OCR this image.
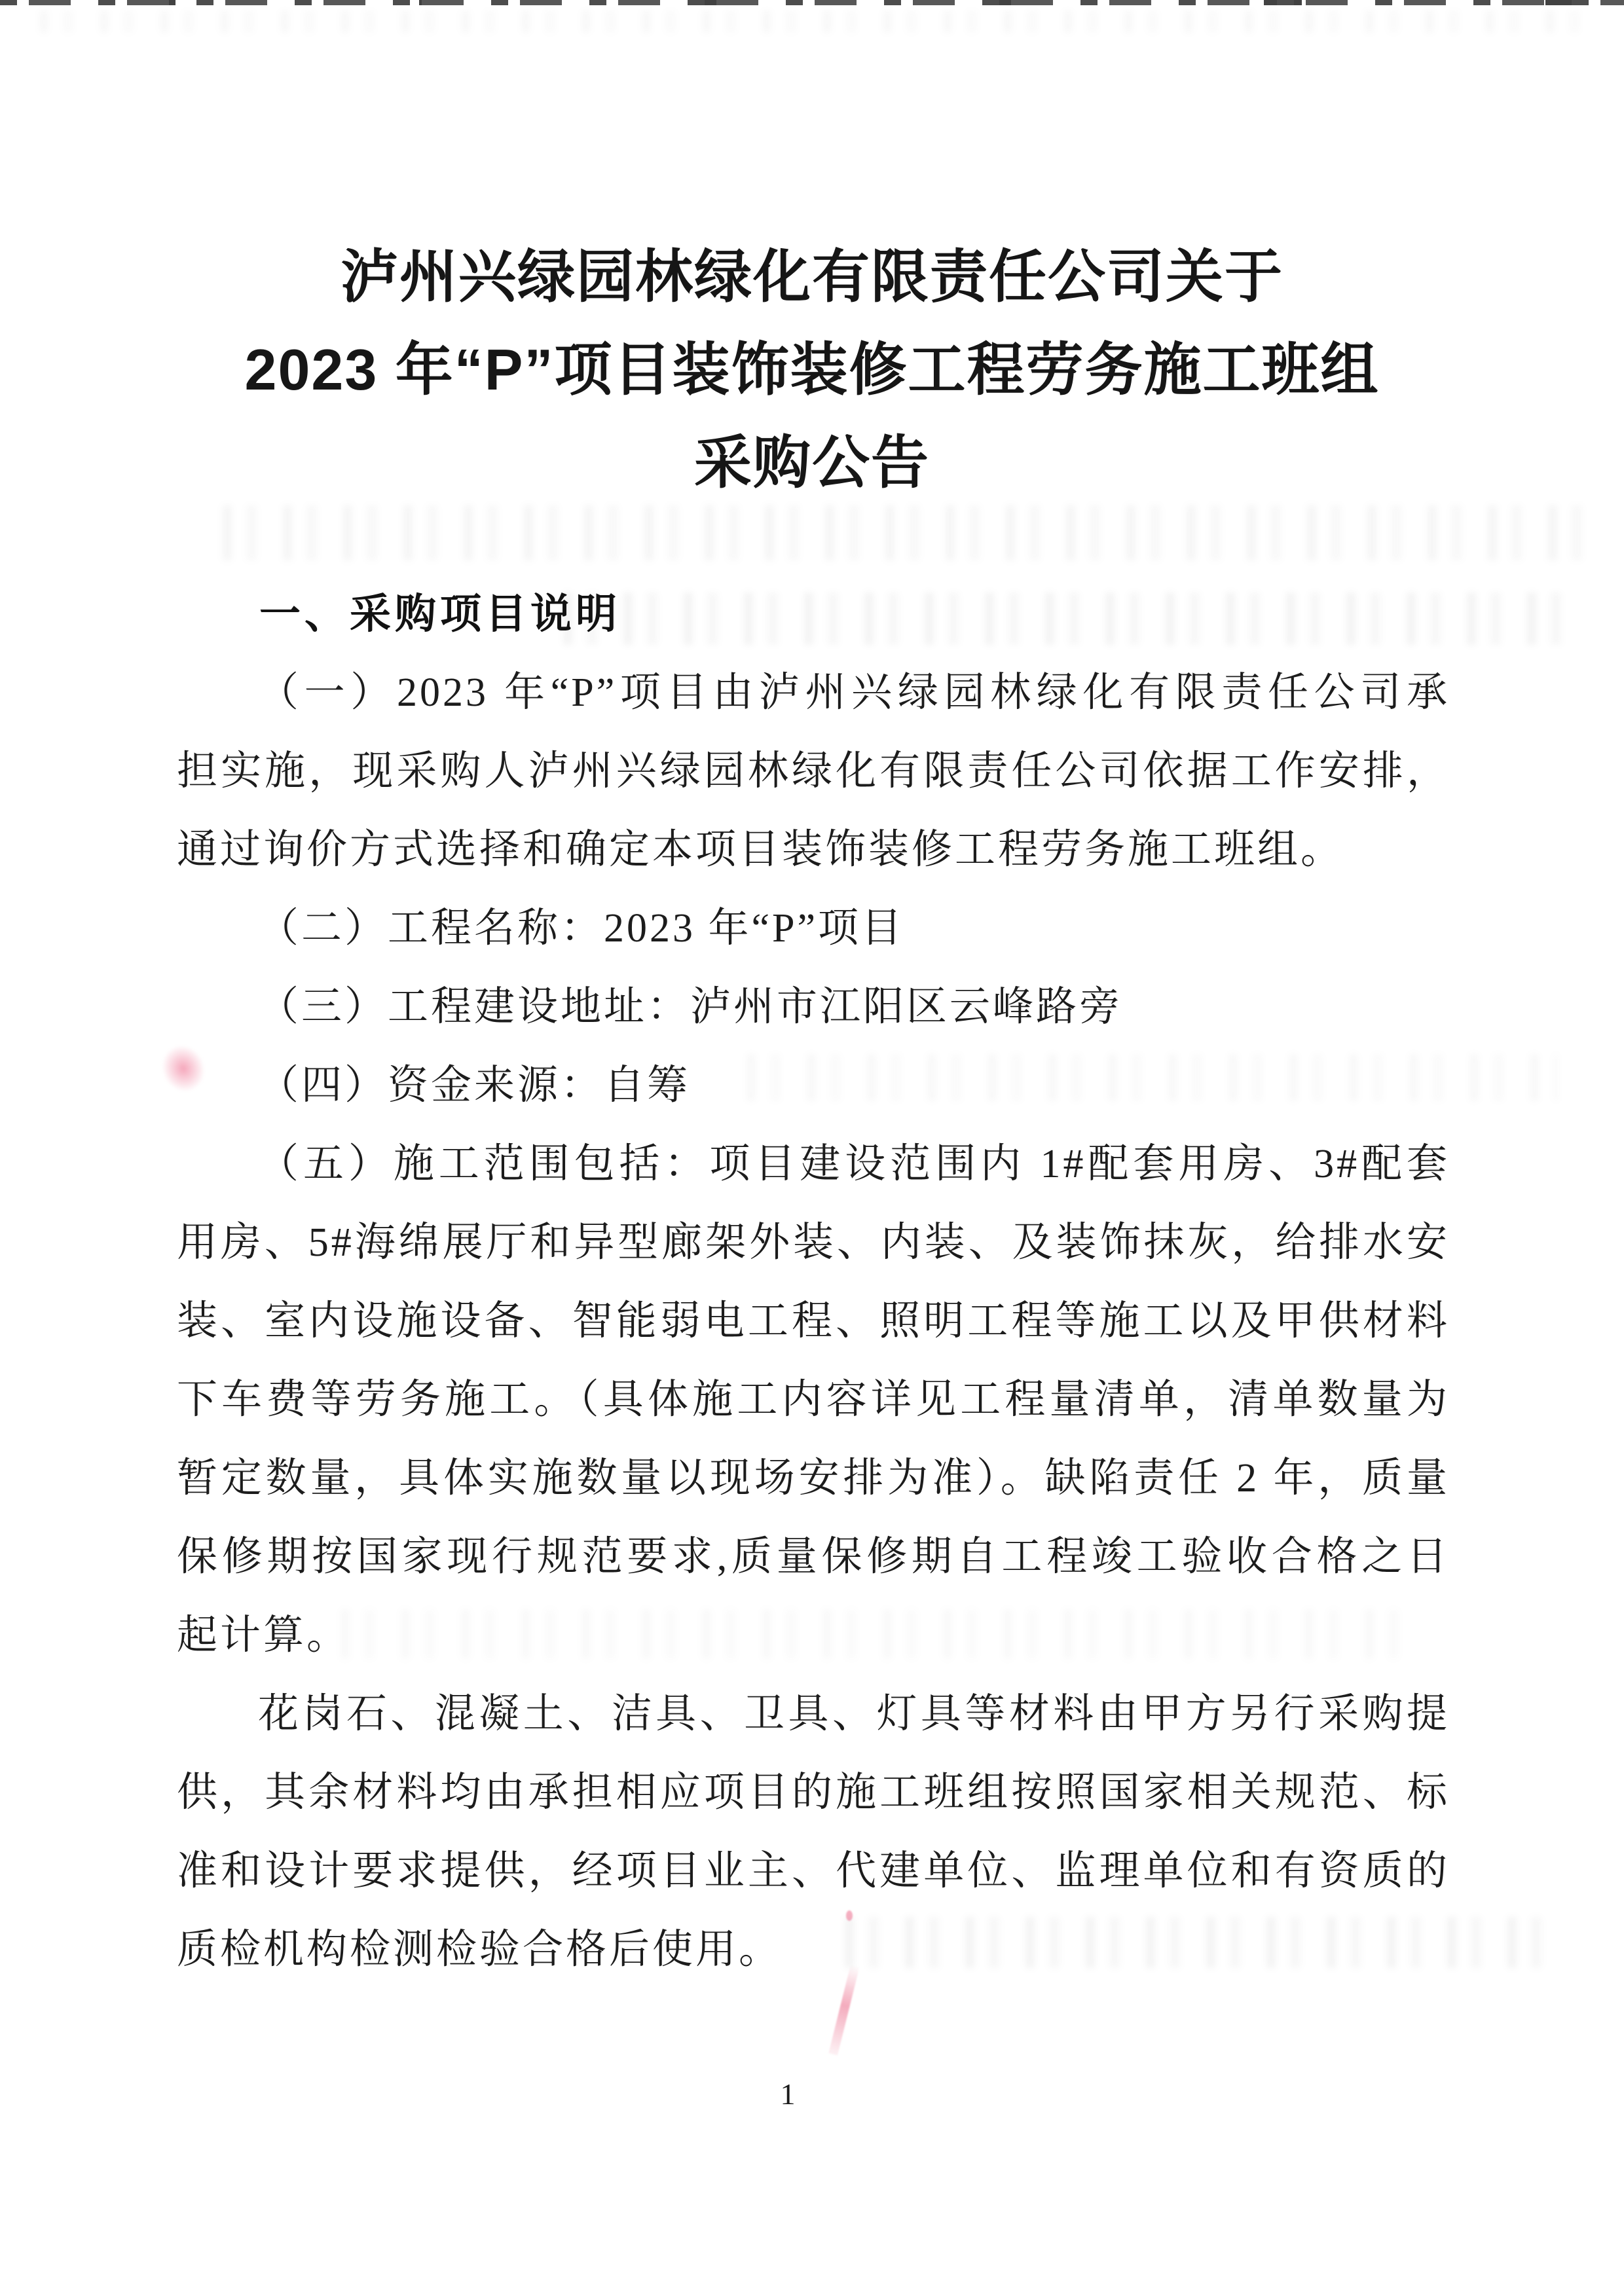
泸州兴绿园林绿化有限责任公司关于
2023 年“P”项目装饰装修工程劳务施工班组
采购公告
一、采购项目说明
（一）2023 年“P”项目由泸州兴绿园林绿化有限责任公司承
担实施，现采购人泸州兴绿园林绿化有限责任公司依据工作安排，
通过询价方式选择和确定本项目装饰装修工程劳务施工班组。
（二）工程名称：2023 年“P”项目
（三）工程建设地址：泸州市江阳区云峰路旁
（四）资金来源：自筹
（五）施工范围包括：项目建设范围内 1#配套用房、3#配套
用房、5#海绵展厅和异型廊架外装、内装、及装饰抹灰，给排水安
装、室内设施设备、智能弱电工程、照明工程等施工以及甲供材料
下车费等劳务施工。（具体施工内容详见工程量清单，清单数量为
暂定数量，具体实施数量以现场安排为准）。缺陷责任 2 年，质量
保修期按国家现行规范要求,质量保修期自工程竣工验收合格之日
起计算。
花岗石、混凝土、洁具、卫具、灯具等材料由甲方另行采购提
供，其余材料均由承担相应项目的施工班组按照国家相关规范、标
准和设计要求提供，经项目业主、代建单位、监理单位和有资质的
质检机构检测检验合格后使用。
1
